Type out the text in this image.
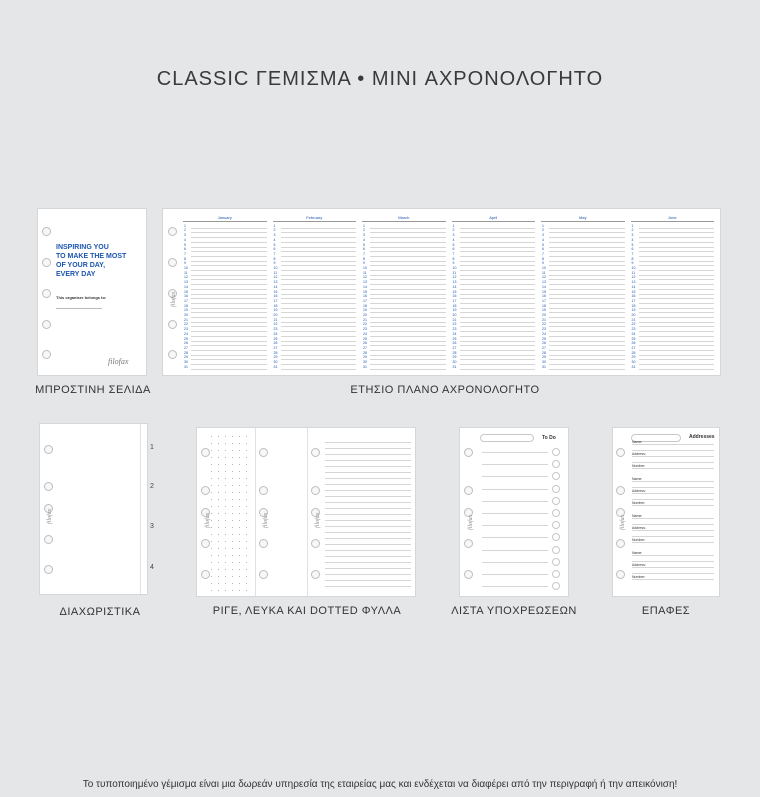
CLASSIC ΓΕΜΙΣΜΑ • MINI ΑΧΡΟΝΟΛΟΓΗΤΟ
INSPIRING YOU
TO MAKE THE MOST
OF YOUR DAY,
EVERY DAY
This organiser belongs to:
filofax
ΜΠΡΟΣΤΙΝΗ ΣΕΛΙΔΑ
filofax
January
1
2
3
4
5
6
7
8
9
10
11
12
13
14
15
16
17
18
19
20
21
22
23
24
25
26
27
28
29
30
31
February
1
2
3
4
5
6
7
8
9
10
11
12
13
14
15
16
17
18
19
20
21
22
23
24
25
26
27
28
29
30
31
March
1
2
3
4
5
6
7
8
9
10
11
12
13
14
15
16
17
18
19
20
21
22
23
24
25
26
27
28
29
30
31
April
1
2
3
4
5
6
7
8
9
10
11
12
13
14
15
16
17
18
19
20
21
22
23
24
25
26
27
28
29
30
31
May
1
2
3
4
5
6
7
8
9
10
11
12
13
14
15
16
17
18
19
20
21
22
23
24
25
26
27
28
29
30
31
June
1
2
3
4
5
6
7
8
9
10
11
12
13
14
15
16
17
18
19
20
21
22
23
24
25
26
27
28
29
30
31
ΕΤΗΣΙΟ ΠΛΑΝΟ ΑΧΡΟΝΟΛΟΓΗΤΟ
filofax
1
2
3
4
ΔΙΑΧΩΡΙΣΤΙΚΑ
filofax	filofax	filofax
ΡΙΓΕ, ΛΕΥΚΑ ΚΑΙ DOTTED ΦΥΛΛΑ
To Do
filofax
ΛΙΣΤΑ ΥΠΟΧΡΕΩΣΕΩΝ
Addresses
filofax
Name:
Address:
Number:
Name:
Address:
Number:
Name:
Address:
Number:
Name:
Address:
Number:
ΕΠΑΦΕΣ
Το τυποποιημένο γέμισμα είναι μια δωρεάν υπηρεσία της εταιρείας μας και ενδέχεται να διαφέρει από την περιγραφή ή την απεικόνιση!
